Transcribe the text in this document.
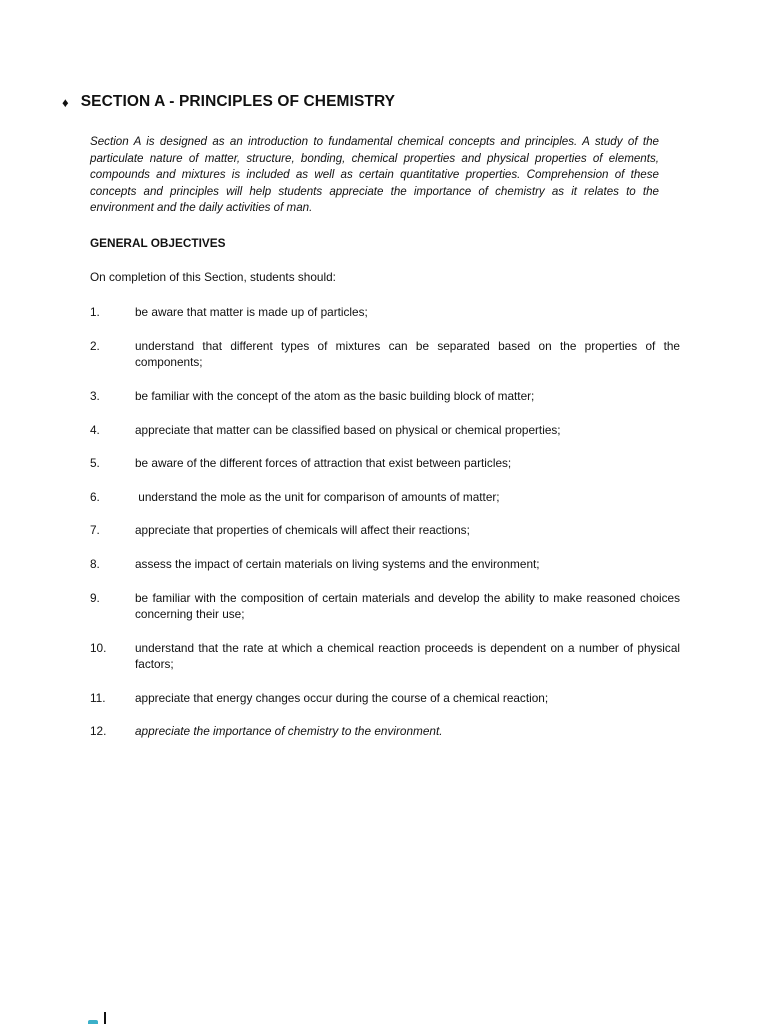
♦ SECTION A - PRINCIPLES OF CHEMISTRY

Section A is designed as an introduction to fundamental chemical concepts and principles. A study of the particulate nature of matter, structure, bonding, chemical properties and physical properties of elements, compounds and mixtures is included as well as certain quantitative properties. Comprehension of these concepts and principles will help students appreciate the importance of chemistry as it relates to the environment and the daily activities of man.

GENERAL OBJECTIVES

On completion of this Section, students should:

1.	be aware that matter is made up of particles;
2.	understand that different types of mixtures can be separated based on the properties of the components;
3.	be familiar with the concept of the atom as the basic building block of matter;
4.	appreciate that matter can be classified based on physical or chemical properties;
5.	be aware of the different forces of attraction that exist between particles;
6.	understand the mole as the unit for comparison of amounts of matter;
7.	appreciate that properties of chemicals will affect their reactions;
8.	assess the impact of certain materials on living systems and the environment;
9.	be familiar with the composition of certain materials and develop the ability to make reasoned choices concerning their use;
10.	understand that the rate at which a chemical reaction proceeds is dependent on a number of physical factors;
11.	appreciate that energy changes occur during the course of a chemical reaction;
12.	appreciate the importance of chemistry to the environment.
